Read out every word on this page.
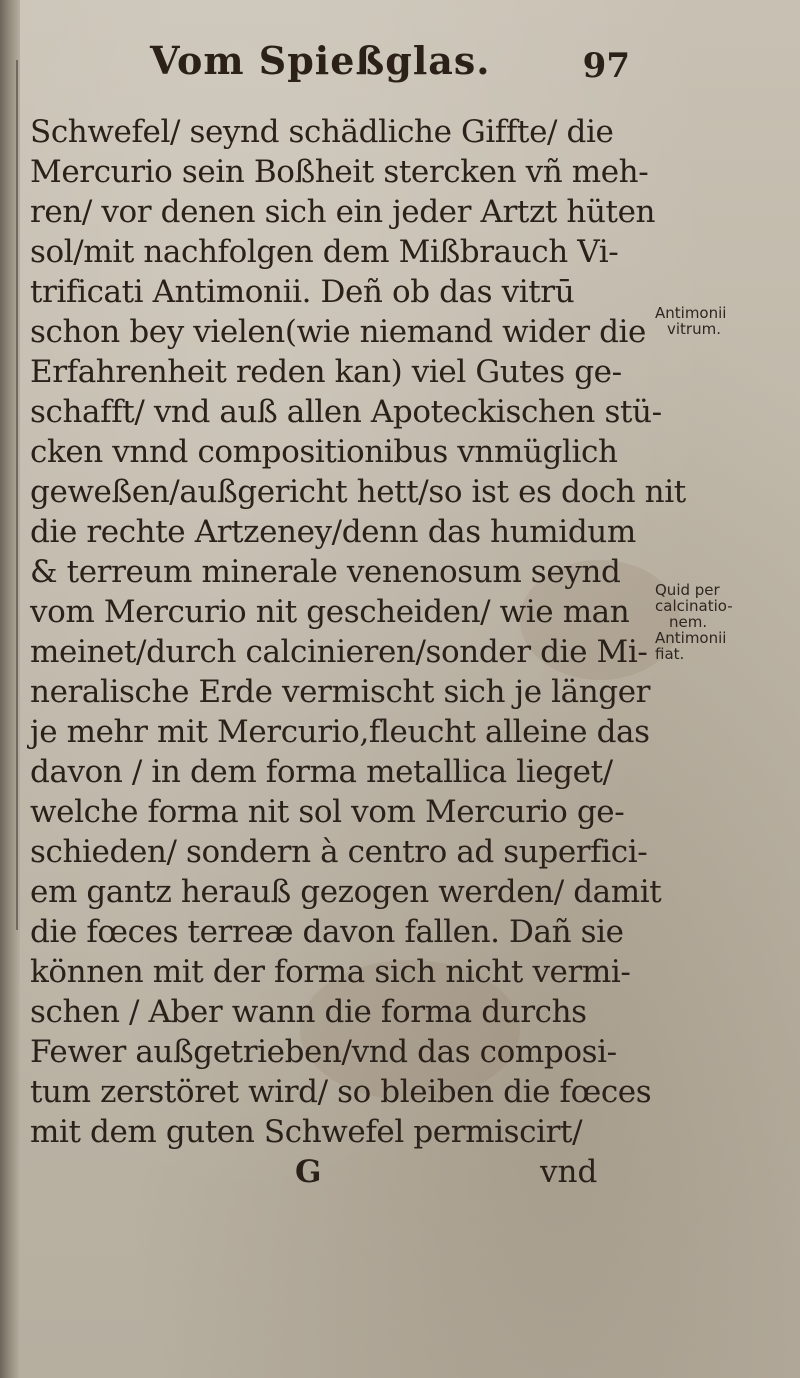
Vom Spießglas.	97
Schwefel/ seynd schädliche Giffte/ die
Mercurio sein Boßheit stercken vñ meh-
ren/ vor denen sich ein jeder Artzt hüten
sol/mit nachfolgen dem Mißbrauch Vi-
trificati Antimonii. Deñ ob das vitrū
schon bey vielen(wie niemand wider die
Erfahrenheit reden kan) viel Gutes ge-
schafft/ vnd auß allen Apoteckischen stü-
cken vnnd compositionibus vnmüglich
geweßen/außgericht hett/so ist es doch nit
die rechte Artzeney/denn das humidum
& terreum minerale venenosum seynd
vom Mercurio nit gescheiden/ wie man
meinet/durch calcinieren/sonder die Mi-
neralische Erde vermischt sich je länger
je mehr mit Mercurio,fleucht alleine das
davon / in dem forma metallica lieget/
welche forma nit sol vom Mercurio ge-
schieden/ sondern à centro ad superfici-
em gantz herauß gezogen werden/ damit
die fœces terreæ davon fallen. Dañ sie
können mit der forma sich nicht vermi-
schen / Aber wann die forma durchs
Fewer außgetrieben/vnd das composi-
tum zerstöret wird/ so bleiben die fœces
mit dem guten Schwefel permiscirt/
G	vnd
Antimonii
vitrum.
Quid per
calcinatio-
nem.
Antimonii
fiat.
